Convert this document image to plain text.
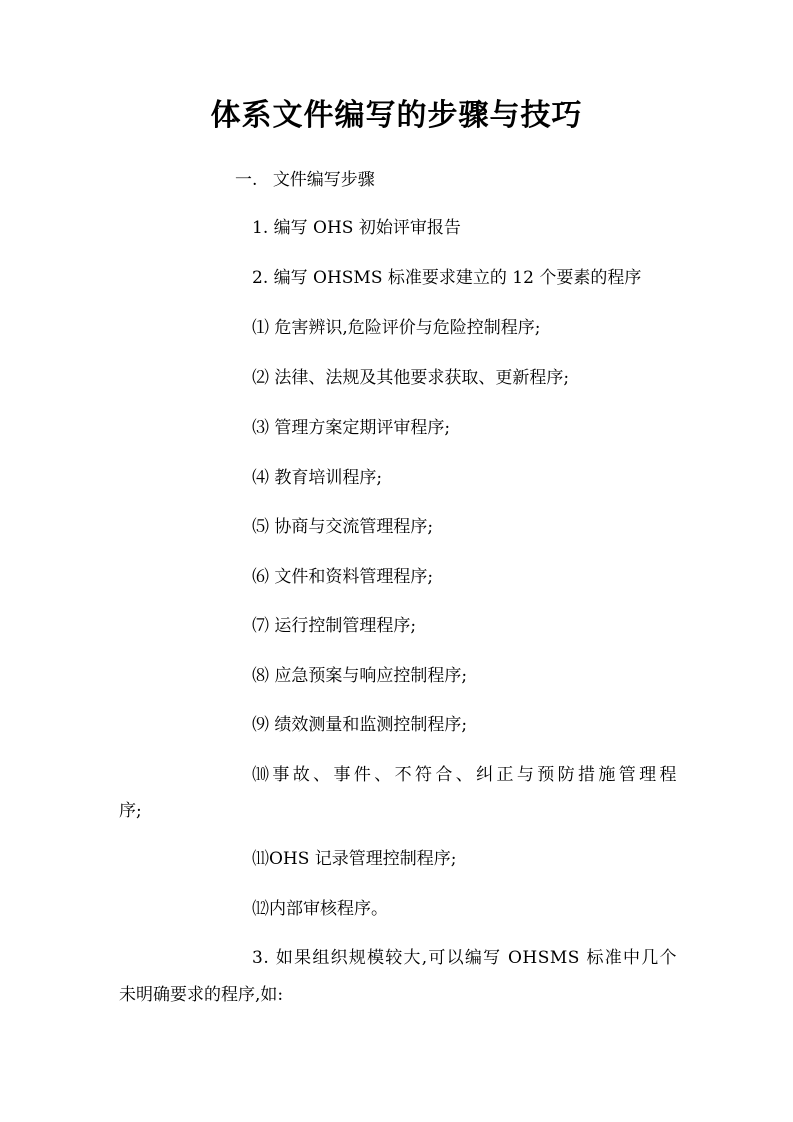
体系文件编写的步骤与技巧
一. 文件编写步骤
1. 编写 OHS 初始评审报告
2. 编写 OHSMS 标准要求建立的 12 个要素的程序
⑴ 危害辨识,危险评价与危险控制程序;
⑵ 法律、法规及其他要求获取、更新程序;
⑶ 管理方案定期评审程序;
⑷ 教育培训程序;
⑸ 协商与交流管理程序;
⑹ 文件和资料管理程序;
⑺ 运行控制管理程序;
⑻ 应急预案与响应控制程序;
⑼ 绩效测量和监测控制程序;
⑽事故、事件、不符合、纠正与预防措施管理程
序;
⑾OHS 记录管理控制程序;
⑿内部审核程序。
3. 如果组织规模较大,可以编写 OHSMS 标准中几个
未明确要求的程序,如:
